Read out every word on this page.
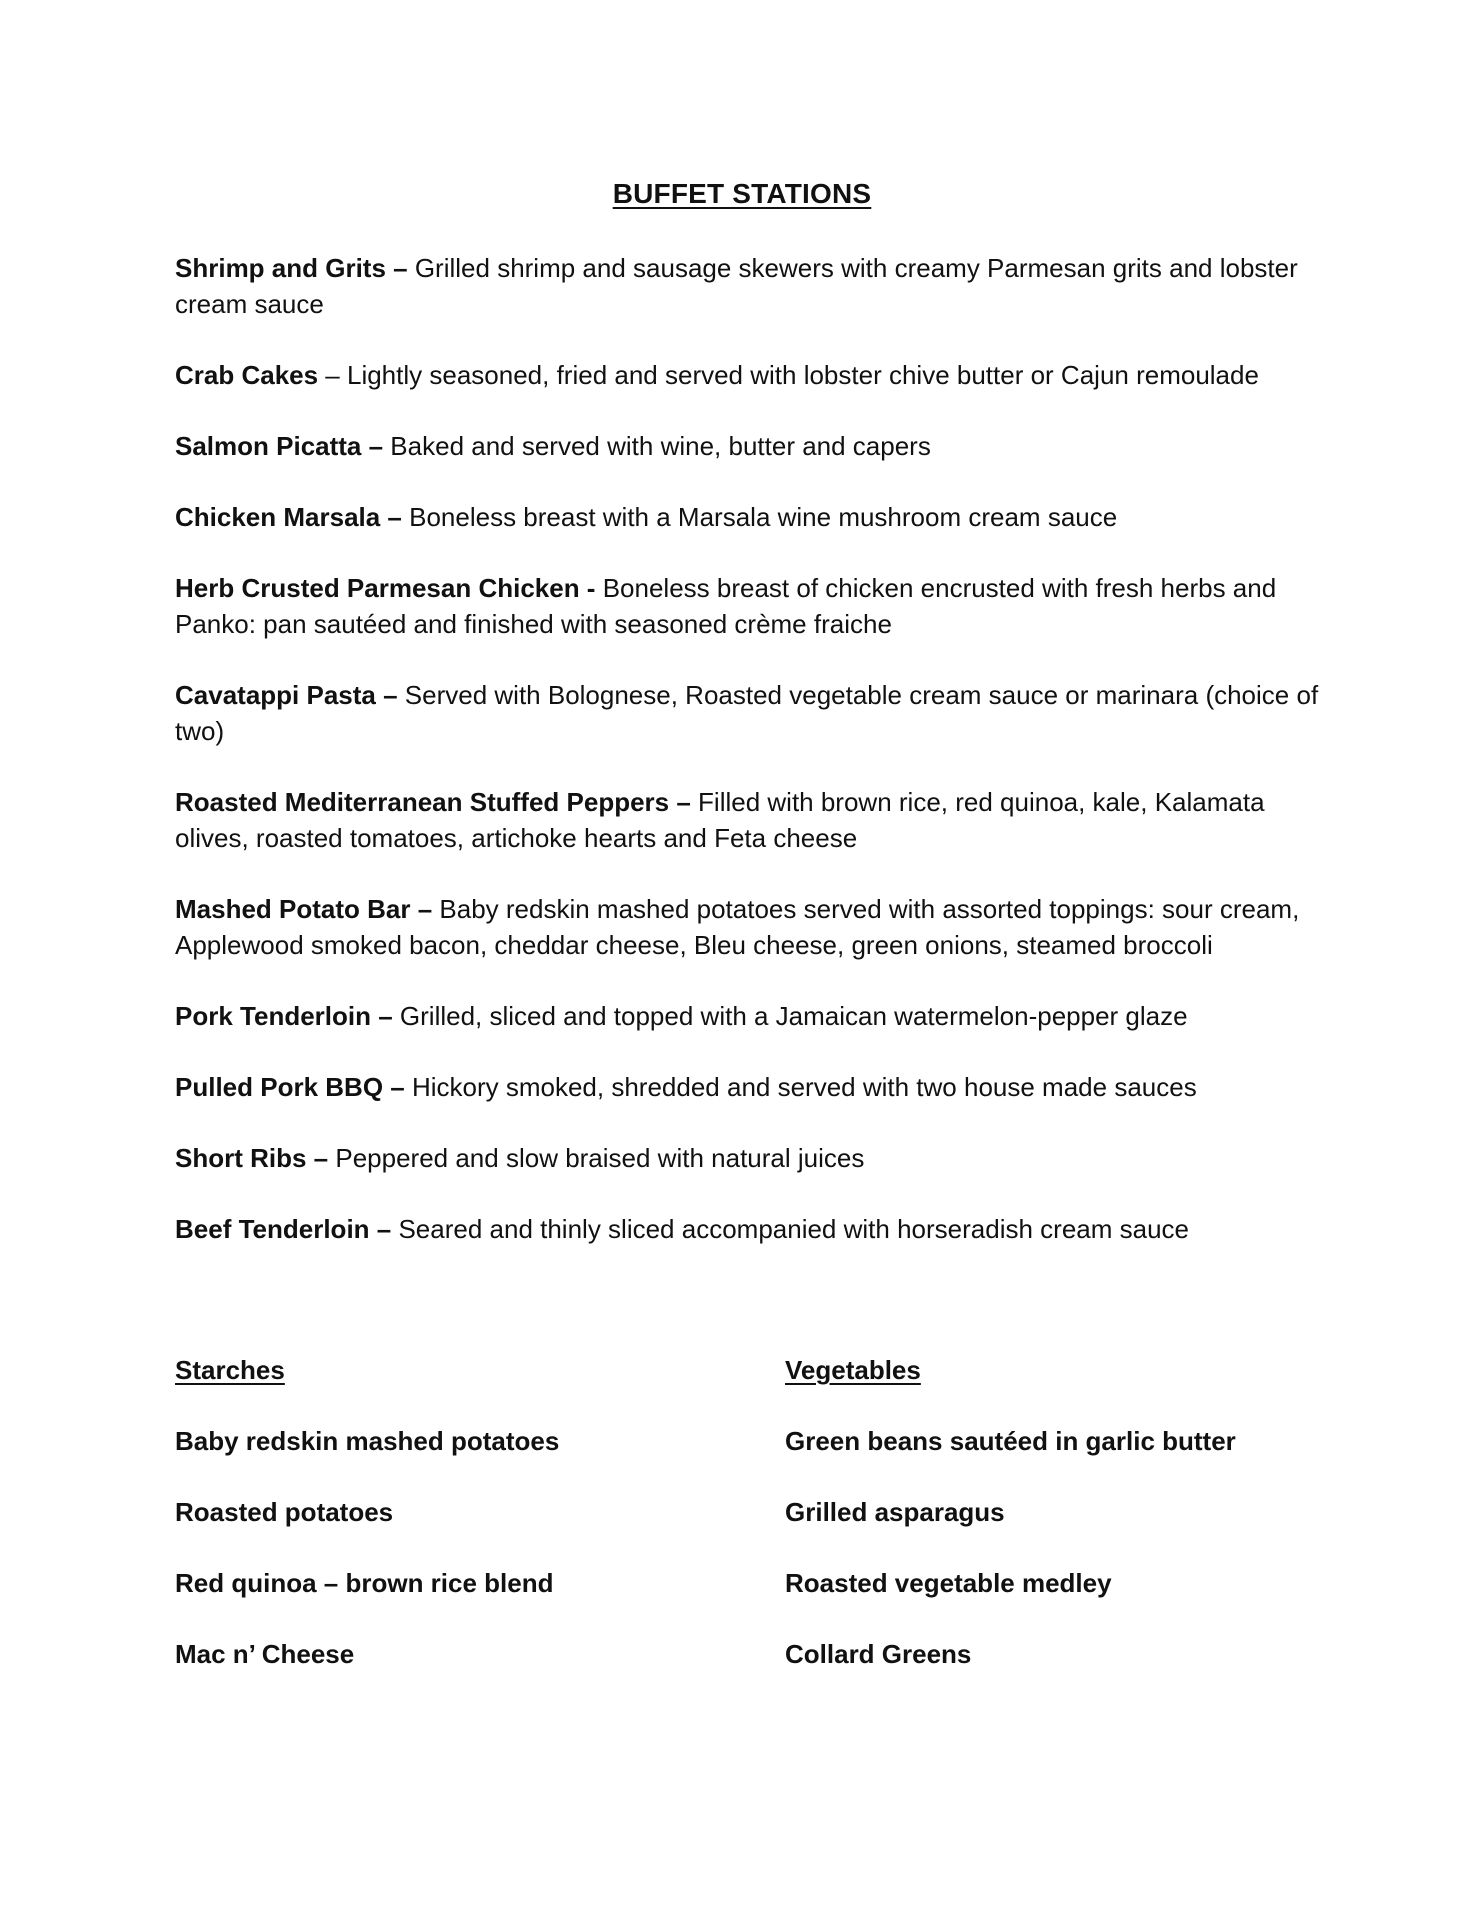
BUFFET STATIONS

Shrimp and Grits – Grilled shrimp and sausage skewers with creamy Parmesan grits and lobster cream sauce

Crab Cakes – Lightly seasoned, fried and served with lobster chive butter or Cajun remoulade

Salmon Picatta – Baked and served with wine, butter and capers

Chicken Marsala – Boneless breast with a Marsala wine mushroom cream sauce

Herb Crusted Parmesan Chicken - Boneless breast of chicken encrusted with fresh herbs and Panko: pan sautéed and finished with seasoned crème fraiche

Cavatappi Pasta – Served with Bolognese, Roasted vegetable cream sauce or marinara (choice of two)

Roasted Mediterranean Stuffed Peppers – Filled with brown rice, red quinoa, kale, Kalamata olives, roasted tomatoes, artichoke hearts and Feta cheese

Mashed Potato Bar – Baby redskin mashed potatoes served with assorted toppings: sour cream, Applewood smoked bacon, cheddar cheese, Bleu cheese, green onions, steamed broccoli

Pork Tenderloin – Grilled, sliced and topped with a Jamaican watermelon-pepper glaze

Pulled Pork BBQ – Hickory smoked, shredded and served with two house made sauces

Short Ribs – Peppered and slow braised with natural juices

Beef Tenderloin – Seared and thinly sliced accompanied with horseradish cream sauce

Starches
Baby redskin mashed potatoes
Roasted potatoes
Red quinoa – brown rice blend
Mac n’ Cheese
Vegetables
Green beans sautéed in garlic butter
Grilled asparagus
Roasted vegetable medley
Collard Greens
